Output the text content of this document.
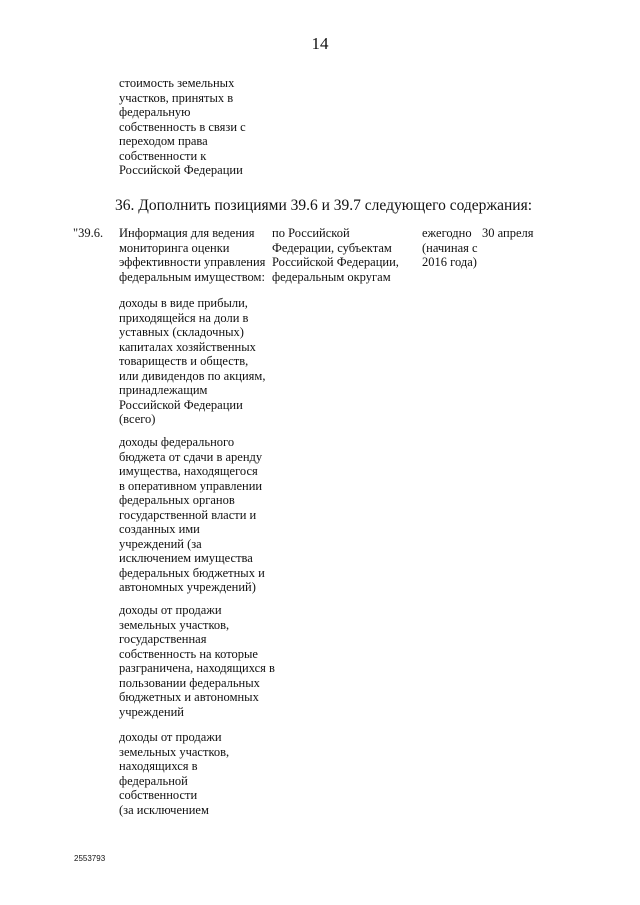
14
стоимость земельных
участков, принятых в
федеральную
собственность в связи с
переходом права
собственности к
Российской Федерации
36. Дополнить позициями 39.6 и 39.7 следующего содержания:
"39.6. Информация для ведения
мониторинга оценки
эффективности управления
федеральным имуществом:
по Российской
Федерации, субъектам
Российской Федерации,
федеральным округам
ежегодно
(начиная с
2016 года)
30 апреля
доходы в виде прибыли,
приходящейся на доли в
уставных (складочных)
капиталах хозяйственных
товариществ и обществ,
или дивидендов по акциям,
принадлежащим
Российской Федерации
(всего)
доходы федерального
бюджета от сдачи в аренду
имущества, находящегося
в оперативном управлении
федеральных органов
государственной власти и
созданных ими
учреждений (за
исключением имущества
федеральных бюджетных и
автономных учреждений)
доходы от продажи
земельных участков,
государственная
собственность на которые
разграничена, находящихся в
пользовании федеральных
бюджетных и автономных
учреждений
доходы от продажи
земельных участков,
находящихся в
федеральной
собственности
(за исключением
2553793
